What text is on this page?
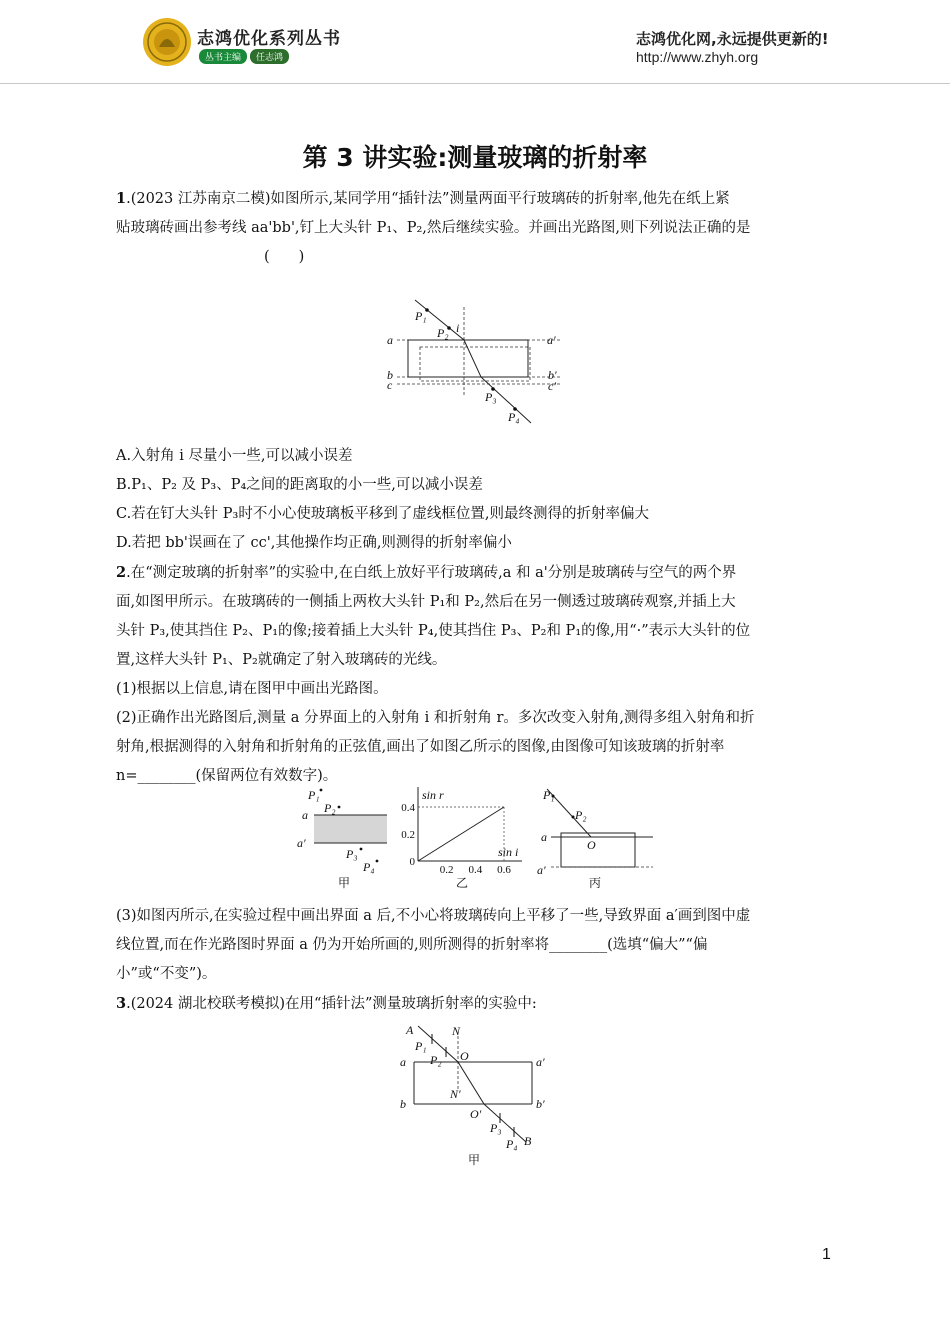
志鸿优化系列丛书
丛书主编	任志鸿
志鸿优化网,永远提供更新的!
http://www.zhyh.org
第 3 讲实验:测量玻璃的折射率

1.(2023 江苏南京二模)如图所示,某同学用“插针法”测量两面平行玻璃砖的折射率,他先在纸上紧

贴玻璃砖画出参考线 aa'bb',钉上大头针 P₁、P₂,然后继续实验。并画出光路图,则下列说法正确的是

(　　)

a	a′
b	b′
c	c′
P₁
P₂ i
P₃
P₄

A.入射角 i 尽量小一些,可以减小误差

B.P₁、P₂ 及 P₃、P₄之间的距离取的小一些,可以减小误差

C.若在钉大头针 P₃时不小心使玻璃板平移到了虚线框位置,则最终测得的折射率偏大

D.若把 bb'误画在了 cc',其他操作均正确,则测得的折射率偏小

2.在“测定玻璃的折射率”的实验中,在白纸上放好平行玻璃砖,a 和 a'分别是玻璃砖与空气的两个界

面,如图甲所示。在玻璃砖的一侧插上两枚大头针 P₁和 P₂,然后在另一侧透过玻璃砖观察,并插上大

头针 P₃,使其挡住 P₂、P₁的像;接着插上大头针 P₄,使其挡住 P₃、P₂和 P₁的像,用“·”表示大头针的位

置,这样大头针 P₁、P₂就确定了射入玻璃砖的光线。

(1)根据以上信息,请在图甲中画出光路图。

(2)正确作出光路图后,测量 a 分界面上的入射角 i 和折射角 r。多次改变入射角,测得多组入射角和折

射角,根据测得的入射角和折射角的正弦值,画出了如图乙所示的图像,由图像可知该玻璃的折射率

n=________(保留两位有效数字)。

P₁
P₂
a
a′
P₃
P₄
甲
sin r
sin i
0
0.2
0.4
0.2 0.4 0.6
乙
P₁
P₂
a
O
a′
丙

(3)如图丙所示,在实验过程中画出界面 a 后,不小心将玻璃砖向上平移了一些,导致界面 a′画到图中虚

线位置,而在作光路图时界面 a 仍为开始所画的,则所测得的折射率将________(选填“偏大”“偏

小”或“不变”)。

3.(2024 湖北校联考模拟)在用“插针法”测量玻璃折射率的实验中:

A	N
P₁
P₂ O
a	a′
N′
b	b′
O′
P₃
P₄ B
甲
1
